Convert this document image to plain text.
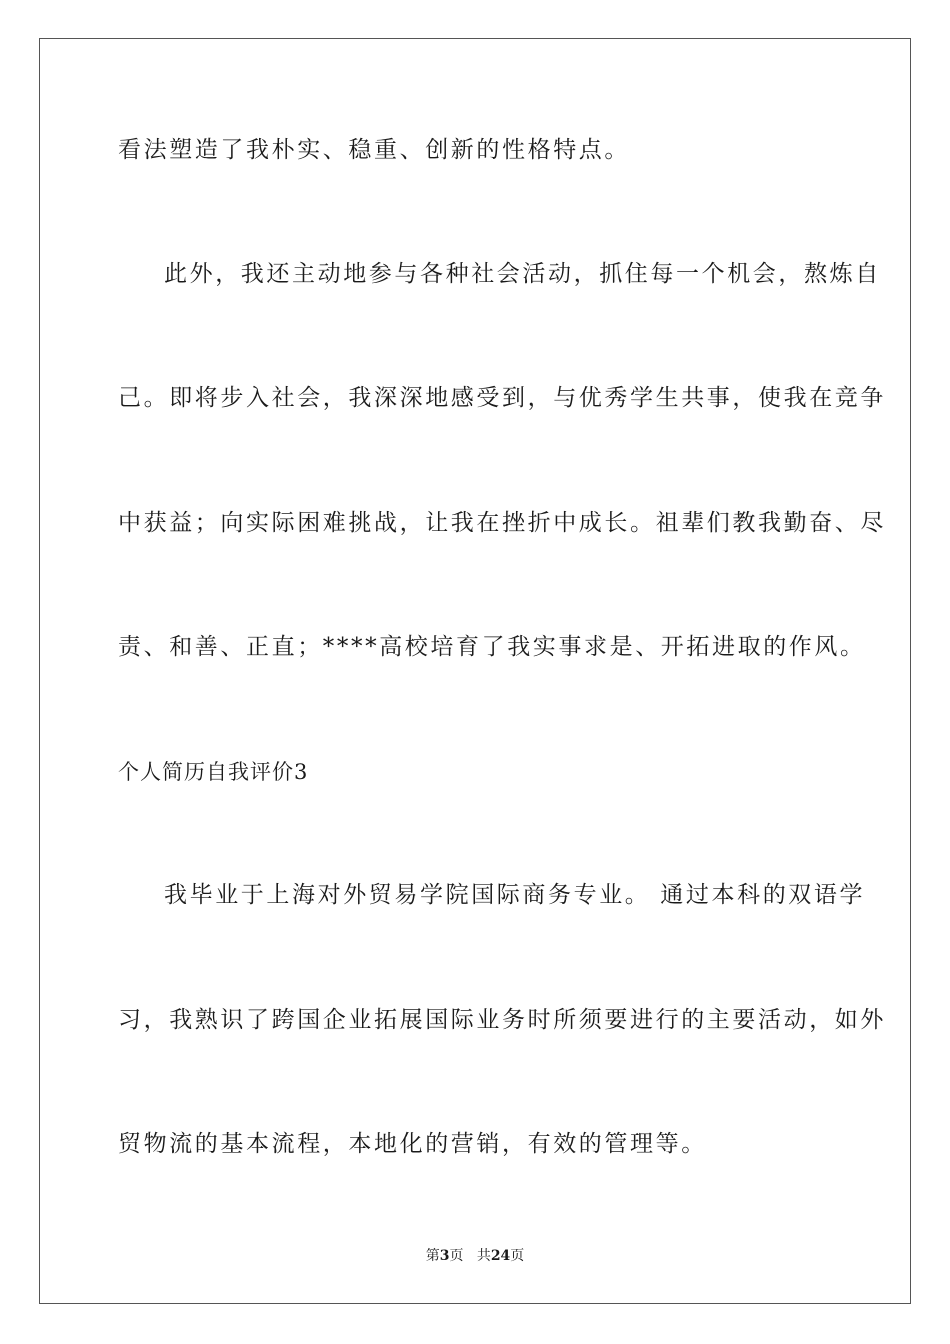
看法塑造了我朴实、稳重、创新的性格特点。

此外，我还主动地参与各种社会活动，抓住每一个机会，熬炼自

己。即将步入社会，我深深地感受到，与优秀学生共事，使我在竞争

中获益；向实际困难挑战，让我在挫折中成长。祖辈们教我勤奋、尽

责、和善、正直；****高校培育了我实事求是、开拓进取的作风。

个人简历自我评价3

我毕业于上海对外贸易学院国际商务专业。 通过本科的双语学

习，我熟识了跨国企业拓展国际业务时所须要进行的主要活动，如外

贸物流的基本流程，本地化的营销，有效的管理等。

第3页 共24页
